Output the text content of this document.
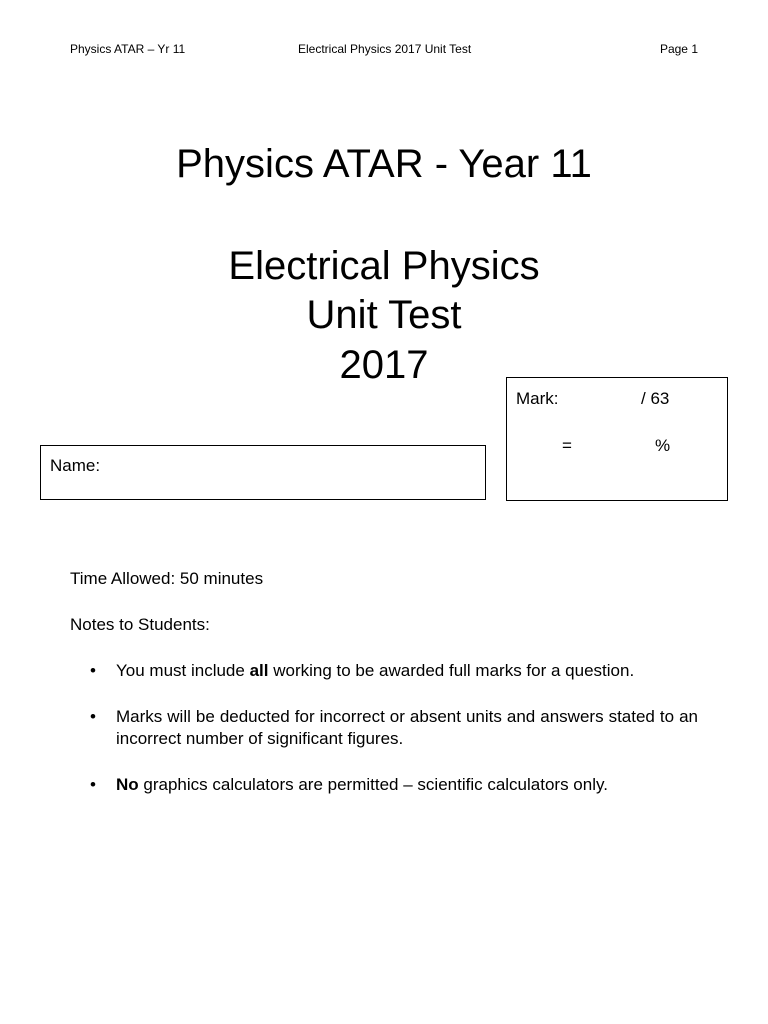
Physics ATAR – Yr 11	Electrical Physics 2017 Unit Test	Page 1
Physics ATAR - Year 11
Electrical Physics
Unit Test
2017
Mark:	/ 63
=	%
Name:
Time Allowed: 50 minutes
Notes to Students:
• You must include all working to be awarded full marks for a question.
• Marks will be deducted for incorrect or absent units and answers stated to an incorrect number of significant figures.
• No graphics calculators are permitted – scientific calculators only.
